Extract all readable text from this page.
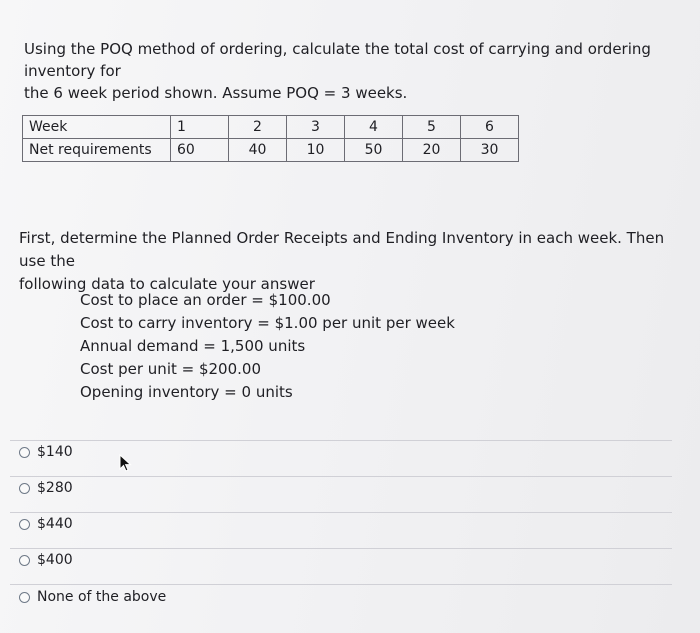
Using the POQ method of ordering, calculate the total cost of carrying and ordering inventory for
the 6 week period shown. Assume POQ = 3 weeks.
Week	1	2	3	4	5	6
Net requirements	60	40	10	50	20	30
First, determine the Planned Order Receipts and Ending Inventory in each week. Then use the
following data to calculate your answer
Cost to place an order = $100.00
Cost to carry inventory = $1.00 per unit per week
Annual demand = 1,500 units
Cost per unit = $200.00
Opening inventory = 0 units
$140
$280
$440
$400
None of the above
